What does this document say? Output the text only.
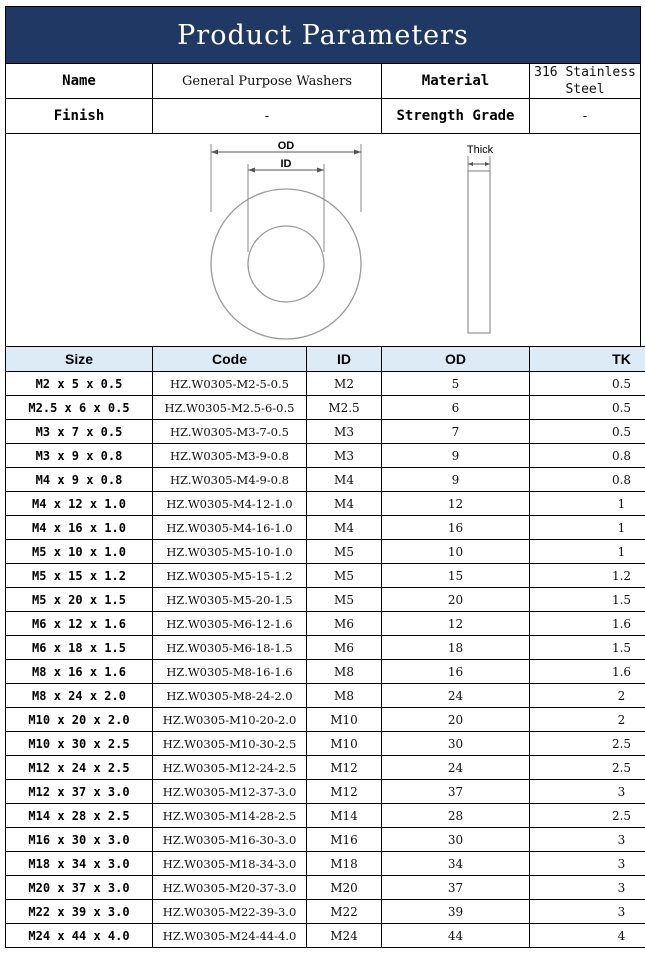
Product Parameters			
Name	General Purpose Washers	Material	316 Stainless Steel
Finish	-	Strength Grade	-

OD
ID
Thick			
Size	Code	ID	OD	TK
M2 x 5 x 0.5	HZ.W0305-M2-5-0.5	M2	5	0.5
M2.5 x 6 x 0.5	HZ.W0305-M2.5-6-0.5	M2.5	6	0.5
M3 x 7 x 0.5	HZ.W0305-M3-7-0.5	M3	7	0.5
M3 x 9 x 0.8	HZ.W0305-M3-9-0.8	M3	9	0.8
M4 x 9 x 0.8	HZ.W0305-M4-9-0.8	M4	9	0.8
M4 x 12 x 1.0	HZ.W0305-M4-12-1.0	M4	12	1
M4 x 16 x 1.0	HZ.W0305-M4-16-1.0	M4	16	1
M5 x 10 x 1.0	HZ.W0305-M5-10-1.0	M5	10	1
M5 x 15 x 1.2	HZ.W0305-M5-15-1.2	M5	15	1.2
M5 x 20 x 1.5	HZ.W0305-M5-20-1.5	M5	20	1.5
M6 x 12 x 1.6	HZ.W0305-M6-12-1.6	M6	12	1.6
M6 x 18 x 1.5	HZ.W0305-M6-18-1.5	M6	18	1.5
M8 x 16 x 1.6	HZ.W0305-M8-16-1.6	M8	16	1.6
M8 x 24 x 2.0	HZ.W0305-M8-24-2.0	M8	24	2
M10 x 20 x 2.0	HZ.W0305-M10-20-2.0	M10	20	2
M10 x 30 x 2.5	HZ.W0305-M10-30-2.5	M10	30	2.5
M12 x 24 x 2.5	HZ.W0305-M12-24-2.5	M12	24	2.5
M12 x 37 x 3.0	HZ.W0305-M12-37-3.0	M12	37	3
M14 x 28 x 2.5	HZ.W0305-M14-28-2.5	M14	28	2.5
M16 x 30 x 3.0	HZ.W0305-M16-30-3.0	M16	30	3
M18 x 34 x 3.0	HZ.W0305-M18-34-3.0	M18	34	3
M20 x 37 x 3.0	HZ.W0305-M20-37-3.0	M20	37	3
M22 x 39 x 3.0	HZ.W0305-M22-39-3.0	M22	39	3
M24 x 44 x 4.0	HZ.W0305-M24-44-4.0	M24	44	4
